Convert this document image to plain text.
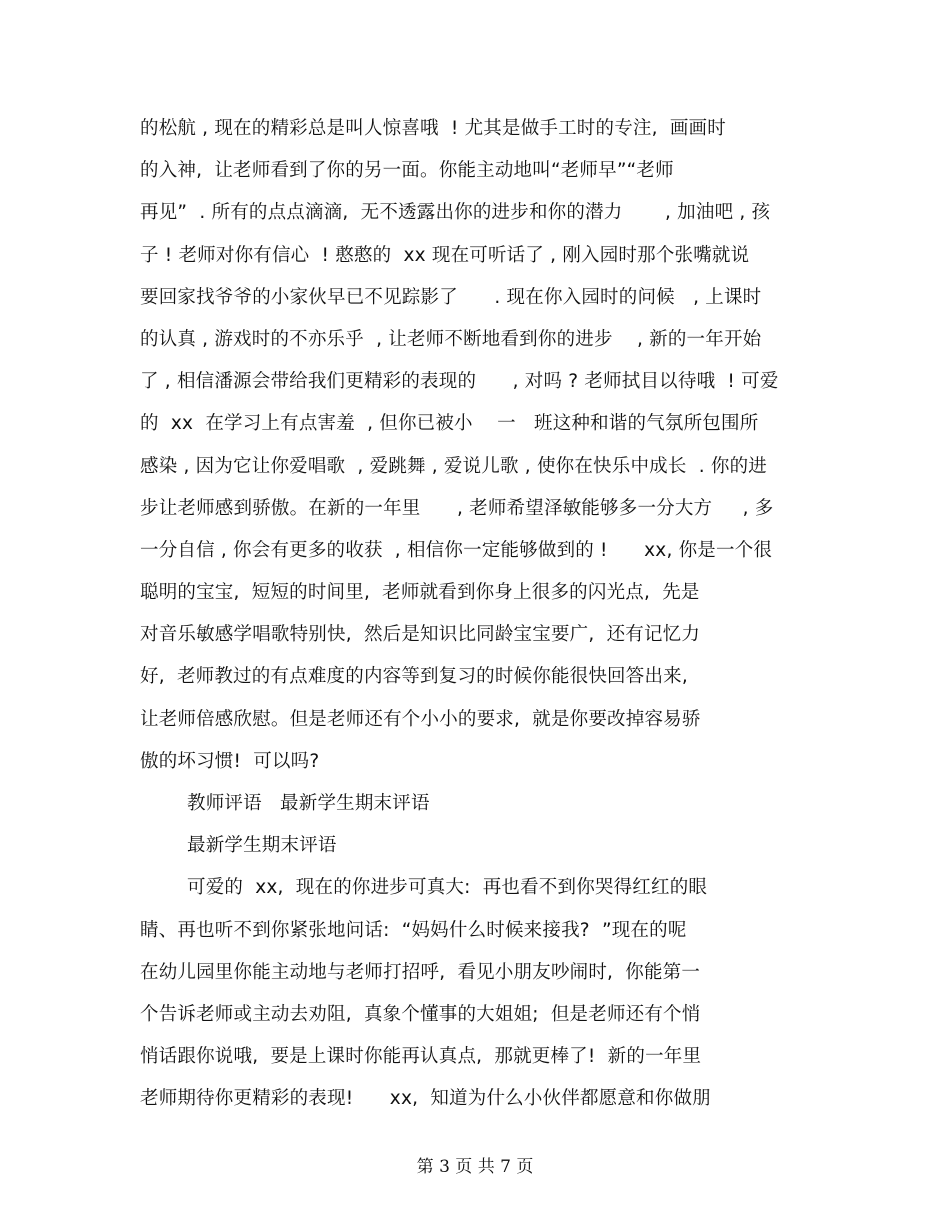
的松航 , 现在的精彩总是叫人惊喜哦  ! 尤其是做手工时的专注,  画画时
的入神,  让老师看到了你的另一面。你能主动地叫“老师早”“老师
再见”  . 所有的点点滴滴,  无不透露出你的进步和你的潜力       , 加油吧 , 孩
子 ! 老师对你有信心  ! 憨憨的  xx 现在可听话了 , 刚入园时那个张嘴就说
要回家找爷爷的小家伙早已不见踪影了      . 现在你入园时的问候   , 上课时
的认真 , 游戏时的不亦乐乎  , 让老师不断地看到你的进步    , 新的一年开始
了 , 相信潘源会带给我们更精彩的表现的      , 对吗 ? 老师拭目以待哦  ! 可爱
的  xx  在学习上有点害羞  , 但你已被小    一   班这种和谐的气氛所包围所
感染 , 因为它让你爱唱歌  , 爱跳舞 , 爱说儿歌 , 使你在快乐中成长  . 你的进
步让老师感到骄傲。在新的一年里      , 老师希望泽敏能够多一分大方     , 多
一分自信 , 你会有更多的收获  , 相信你一定能够做到的 !      xx, 你是一个很
聪明的宝宝,  短短的时间里,  老师就看到你身上很多的闪光点,  先是
对音乐敏感学唱歌特别快,  然后是知识比同龄宝宝要广,  还有记忆力
好,  老师教过的有点难度的内容等到复习的时候你能很快回答出来,
让老师倍感欣慰。但是老师还有个小小的要求,  就是你要改掉容易骄
傲的坏习惯!  可以吗?
教师评语   最新学生期末评语
最新学生期末评语
可爱的  xx,  现在的你进步可真大:  再也看不到你哭得红红的眼
睛、再也听不到你紧张地问话:  “妈妈什么时候来接我?  ”现在的呢
在幼儿园里你能主动地与老师打招呼,  看见小朋友吵闹时,  你能第一
个告诉老师或主动去劝阻,  真象个懂事的大姐姐;  但是老师还有个悄
悄话跟你说哦,  要是上课时你能再认真点,  那就更棒了!  新的一年里
老师期待你更精彩的表现!      xx,  知道为什么小伙伴都愿意和你做朋
第 3 页 共 7 页
